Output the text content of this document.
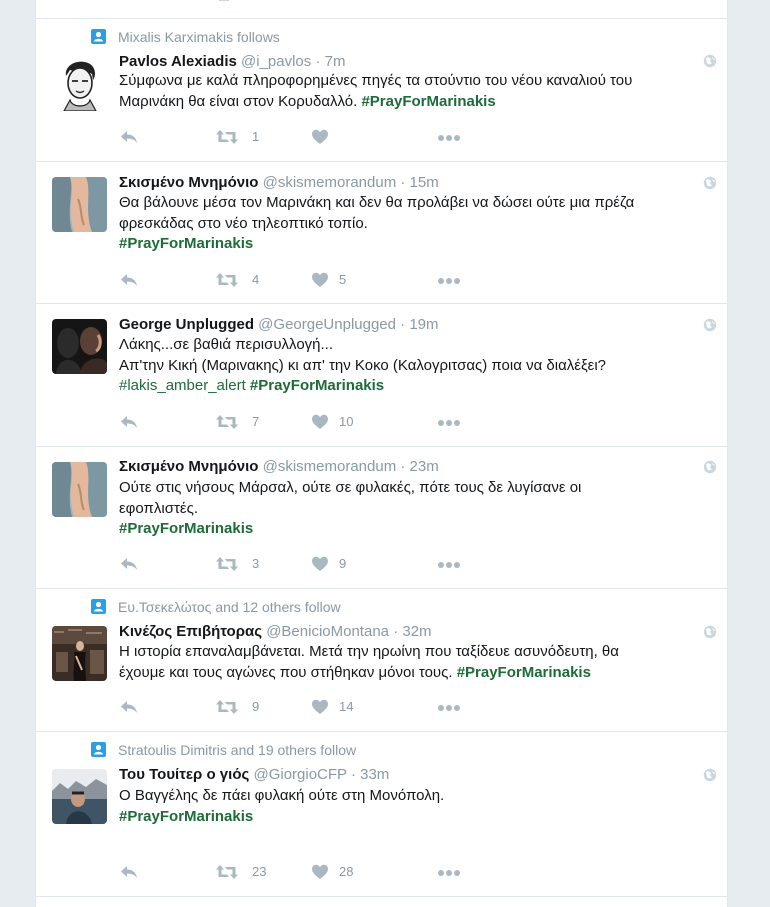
Mixalis Karximakis follows
Pavlos Alexiadis @i_pavlos · 7m

Σύμφωνα με καλά πληροφορημένες πηγές τα στούντιο του νέου καναλιού του

Μαρινάκη θα είναι στον Κορυδαλλό. #PrayForMarinakis

1
Σκισμένο Μνημόνιο @skismemorandum · 15m

Θα βάλουνε μέσα τον Μαριvάκη και δεν θα προλάβει να δώσει ούτε μια πρέζα

φρεσκάδας στο νέο τηλεοπτικό τοπίο.

#PrayForMarinakis

4	5
George Unplugged @GeorgeUnplugged · 19m

Λάκης...σε βαθιά περισυλλογή...

Απ'την Κική (Μαριvακης) κι απ' την Κοκο (Καλογριτσας) ποια να διαλέξει?

#lakis_amber_alert #PrayForMarinakis

7	10
Σκισμένο Μνημόνιο @skismemorandum · 23m

Ούτε στις νήσους Μάρσαλ, ούτε σε φυλακές, πότε τους δε λυγίσανε οι

εφοπλιστές.

#PrayForMarinakis

3	9
Ευ.Τσεκελώτος and 12 others follow
Κινέζος Επιβήτορας @BenicioMontana · 32m

Η ιστορία επαναλαμβάνεται. Μετά την ηρωίνη που ταξίδευε ασυνόδευτη, θα

έχουμε και τους αγώνες που στήθηκαν μόνοι τους. #PrayForMarinakis

9	14
Stratoulis Dimitris and 19 others follow
Του Τουίτερ ο γιός @GiorgioCFP · 33m

Ο Βαγγέλης δε πάει φυλακή ούτε στη Μονόπολη.

#PrayForMarinakis

23	28
